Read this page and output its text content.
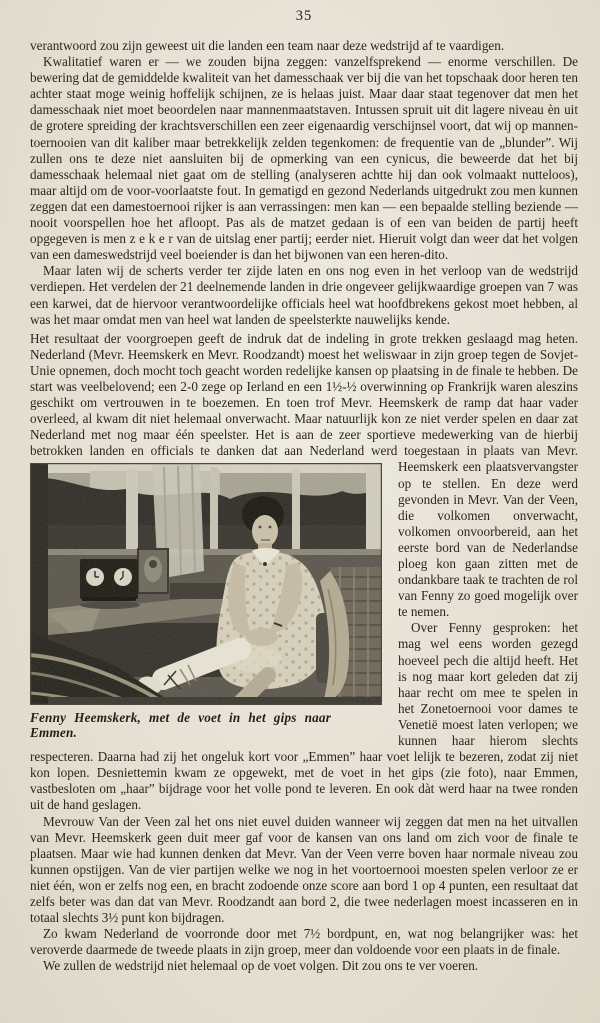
35
verantwoord zou zijn geweest uit die landen een team naar deze wedstrijd af te vaardigen.
Kwalitatief waren er — we zouden bijna zeggen: vanzelfsprekend — enorme verschillen. De bewering dat de gemiddelde kwaliteit van het damesschaak ver bij die van het topschaak door heren ten achter staat moge weinig hoffelijk schijnen, ze is helaas juist. Maar daar staat tegenover dat men het damesschaak niet moet beoordelen naar mannenmaatstaven. Intussen spruit uit dit lagere niveau èn uit de grotere spreiding der krachtsverschillen een zeer eigenaardig verschijnsel voort, dat wij op mannen-toernooien van dit kaliber maar betrekkelijk zelden tegenkomen: de frequentie van de „blunder”. Wij zullen ons te deze niet aansluiten bij de opmerking van een cynicus, die beweerde dat het bij damesschaak helemaal niet gaat om de stelling (analyseren achtte hij dan ook volmaakt nutteloos), maar altijd om de voor-voorlaatste fout. In gematigd en gezond Nederlands uitgedrukt zou men kunnen zeggen dat een damestoernooi rijker is aan verrassingen: men kan — een bepaalde stelling beziende — nooit voorspellen hoe het afloopt. Pas als de matzet gedaan is of een van beiden de partij heeft opgegeven is men z e k e r van de uitslag ener partij; eerder niet. Hieruit volgt dan weer dat het volgen van een dameswedstrijd veel boeiender is dan het bijwonen van een heren-dito.
Maar laten wij de scherts verder ter zijde laten en ons nog even in het verloop van de wedstrijd verdiepen. Het verdelen der 21 deelnemende landen in drie ongeveer gelijkwaardige groepen van 7 was een karwei, dat de hiervoor verantwoordelijke officials heel wat hoofdbrekens gekost moet hebben, al was het maar omdat men van heel wat landen de speelsterkte nauwelijks kende.
Het resultaat der voorgroepen geeft de indruk dat de indeling in grote trekken geslaagd mag heten. Nederland (Mevr. Heemskerk en Mevr. Roodzandt) moest het weliswaar in zijn groep tegen de Sovjet-Unie opnemen, doch mocht toch geacht worden redelijke kansen op plaatsing in de finale te hebben. De start was veelbelovend; een 2-0 zege op Ierland en een 1½-½ overwinning op Frankrijk waren aleszins geschikt om vertrouwen in te boezemen. En toen trof Mevr. Heemskerk de ramp dat haar vader overleed, al kwam dit niet helemaal onverwacht. Maar natuurlijk kon ze niet verder spelen en daar zat Nederland met nog maar één speelster. Het is aan de zeer sportieve medewerking van de hierbij betrokken landen en officials te danken dat aan Nederland werd toegestaan in
Fenny Heemskerk, met de voet in het gips naar Emmen.
plaats van Mevr. Heemskerk een plaatsvervangster op te stellen. En deze werd gevonden in Mevr. Van der Veen, die volkomen onverwacht, volkomen onvoorbereid, aan het eerste bord van de Nederlandse ploeg kon gaan zitten met de ondankbare taak te trachten de rol van Fenny zo goed mogelijk over te nemen.
Over Fenny gesproken: het mag wel eens worden gezegd hoeveel pech die altijd heeft. Het is nog maar kort geleden dat zij haar recht om mee te spelen in het Zonetoernooi voor dames te Venetië moest laten verlopen; we kunnen haar hierom slechts respecteren. Daarna had zij het ongeluk kort voor „Emmen” haar voet lelijk te bezeren, zodat zij niet kon lopen. Desniettemin kwam ze opgewekt, met de voet in het gips (zie foto), naar Emmen, vastbesloten om „haar” bijdrage voor het volle pond te leveren. En ook dàt werd haar na twee ronden uit de hand geslagen.
Mevrouw Van der Veen zal het ons niet euvel duiden wanneer wij zeggen dat men na het uitvallen van Mevr. Heemskerk geen duit meer gaf voor de kansen van ons land om zich voor de finale te plaatsen. Maar wie had kunnen denken dat Mevr. Van der Veen verre boven haar normale niveau zou kunnen opstijgen. Van de vier partijen welke we nog in het voortoernooi moesten spelen verloor ze er niet één, won er zelfs nog een, en bracht zodoende onze score aan bord 1 op 4 punten, een resultaat dat zelfs beter was dan dat van Mevr. Roodzandt aan bord 2, die twee nederlagen moest incasseren en in totaal slechts 3½ punt kon bijdragen.
Zo kwam Nederland de voorronde door met 7½ bordpunt, en, wat nog belangrijker was: het veroverde daarmede de tweede plaats in zijn groep, meer dan voldoende voor een plaats in de finale.
We zullen de wedstrijd niet helemaal op de voet volgen. Dit zou ons te ver voeren.
